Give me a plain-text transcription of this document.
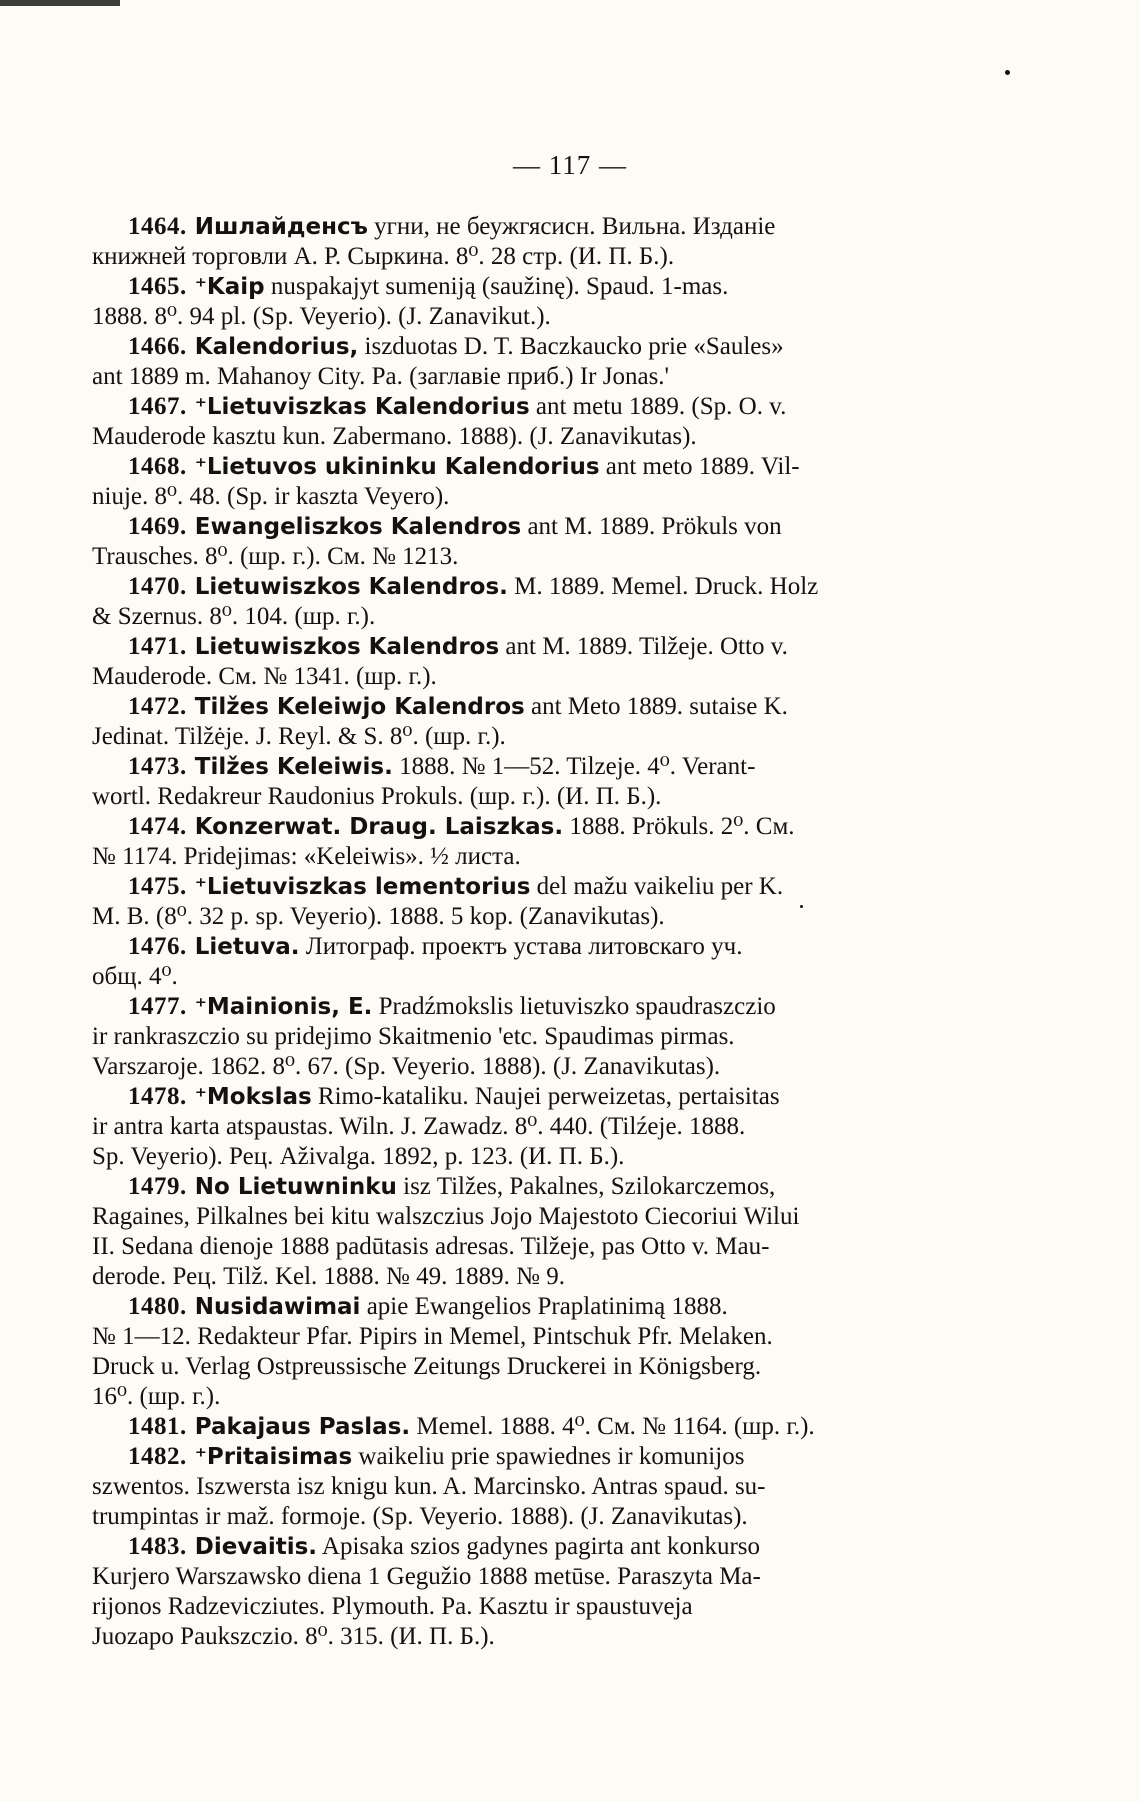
— 117 —

1464. Ишлайденсъ угни, не беужгясисн. Вильна. Изданіе

книжней торговли А. Р. Сыркина. 8⁰. 28 стр. (И. П. Б.).

1465. ⁺Kaip nuspakajyt sumeniją (saužinę). Spaud. 1-mas.

1888. 8⁰. 94 pl. (Sp. Veyerio). (J. Zanavikut.).

1466. Kalendorius, iszduotas D. T. Baczkaucko prie «Saules»

ant 1889 m. Mahanoy City. Pa. (заглавіе приб.) Ir Jonas.'

1467. ⁺Lietuviszkas Kalendorius ant metu 1889. (Sp. O. v.

Mauderode kasztu kun. Zabermano. 1888). (J. Zanavikutas).

1468. ⁺Lietuvos ukininku Kalendorius ant meto 1889. Vil-

niuje. 8⁰. 48. (Sp. ir kaszta Veyero).

1469. Ewangeliszkos Kalendros ant M. 1889. Prökuls von

Trausches. 8⁰. (шр. г.). См. № 1213.

1470. Lietuwiszkos Kalendros. M. 1889. Memel. Druck. Holz

& Szernus. 8⁰. 104. (шр. г.).

1471. Lietuwiszkos Kalendros ant M. 1889. Tilžeje. Otto v.

Mauderode. См. № 1341. (шр. г.).

1472. Tilžes Keleiwjo Kalendros ant Meto 1889. sutaise K.

Jedinat. Tilžėje. J. Reyl. & S. 8⁰. (шр. г.).

1473. Tilžes Keleiwis. 1888. № 1—52. Tilzeje. 4⁰. Verant-

wortl. Redakreur Raudonius Prokuls. (шр. г.). (И. П. Б.).

1474. Konzerwat. Draug. Laiszkas. 1888. Prökuls. 2⁰. См.

№ 1174. Pridejimas: «Keleiwis». ½ листа.

1475. ⁺Lietuviszkas lementorius del mažu vaikeliu per K.

M. B. (8⁰. 32 p. sp. Veyerio). 1888. 5 kop. (Zanavikutas).

1476. Lietuva. Литограф. проектъ устава литовскаго уч.

общ. 4⁰.

1477. ⁺Mainionis, E. Pradźmokslis lietuviszko spaudraszczio

ir rankraszczio su pridejimo Skaitmenio 'etc. Spaudimas pirmas.

Varszaroje. 1862. 8⁰. 67. (Sp. Veyerio. 1888). (J. Zanavikutas).

1478. ⁺Mokslas Rimo-kataliku. Naujei perweizetas, pertaisitas

ir antra karta atspaustas. Wiln. J. Zawadz. 8⁰. 440. (Tilźeje. 1888.

Sp. Veyerio). Рец. Aživalga. 1892, p. 123. (И. П. Б.).

1479. No Lietuwninku isz Tilžes, Pakalnes, Szilokarczemos,

Ragaines, Pilkalnes bei kitu walszczius Jojo Majestoto Ciecoriui Wilui

II. Sedana dienoje 1888 padūtasis adresas. Tilžeje, pas Otto v. Mau-

derode. Рец. Tilž. Kel. 1888. № 49. 1889. № 9.

1480. Nusidawimai apie Ewangelios Praplatinimą 1888.

№ 1—12. Redakteur Pfar. Pipirs in Memel, Pintschuk Pfr. Melaken.

Druck u. Verlag Ostpreussische Zeitungs Druckerei in Königsberg.

16⁰. (шр. г.).

1481. Pakajaus Paslas. Memel. 1888. 4⁰. См. № 1164. (шр. г.).

1482. ⁺Pritaisimas waikeliu prie spawiednes ir komunijos

szwentos. Iszwersta isz knigu kun. A. Marcinsko. Antras spaud. su-

trumpintas ir maž. formoje. (Sp. Veyerio. 1888). (J. Zanavikutas).

1483. Dievaitis. Apisaka szios gadynes pagirta ant konkurso

Kurjero Warszawsko diena 1 Gegužio 1888 metūse. Paraszyta Ma-

rijonos Radzevicziutes. Plymouth. Pa. Kasztu ir spaustuveja

Juozapo Paukszczio. 8⁰. 315. (И. П. Б.).
